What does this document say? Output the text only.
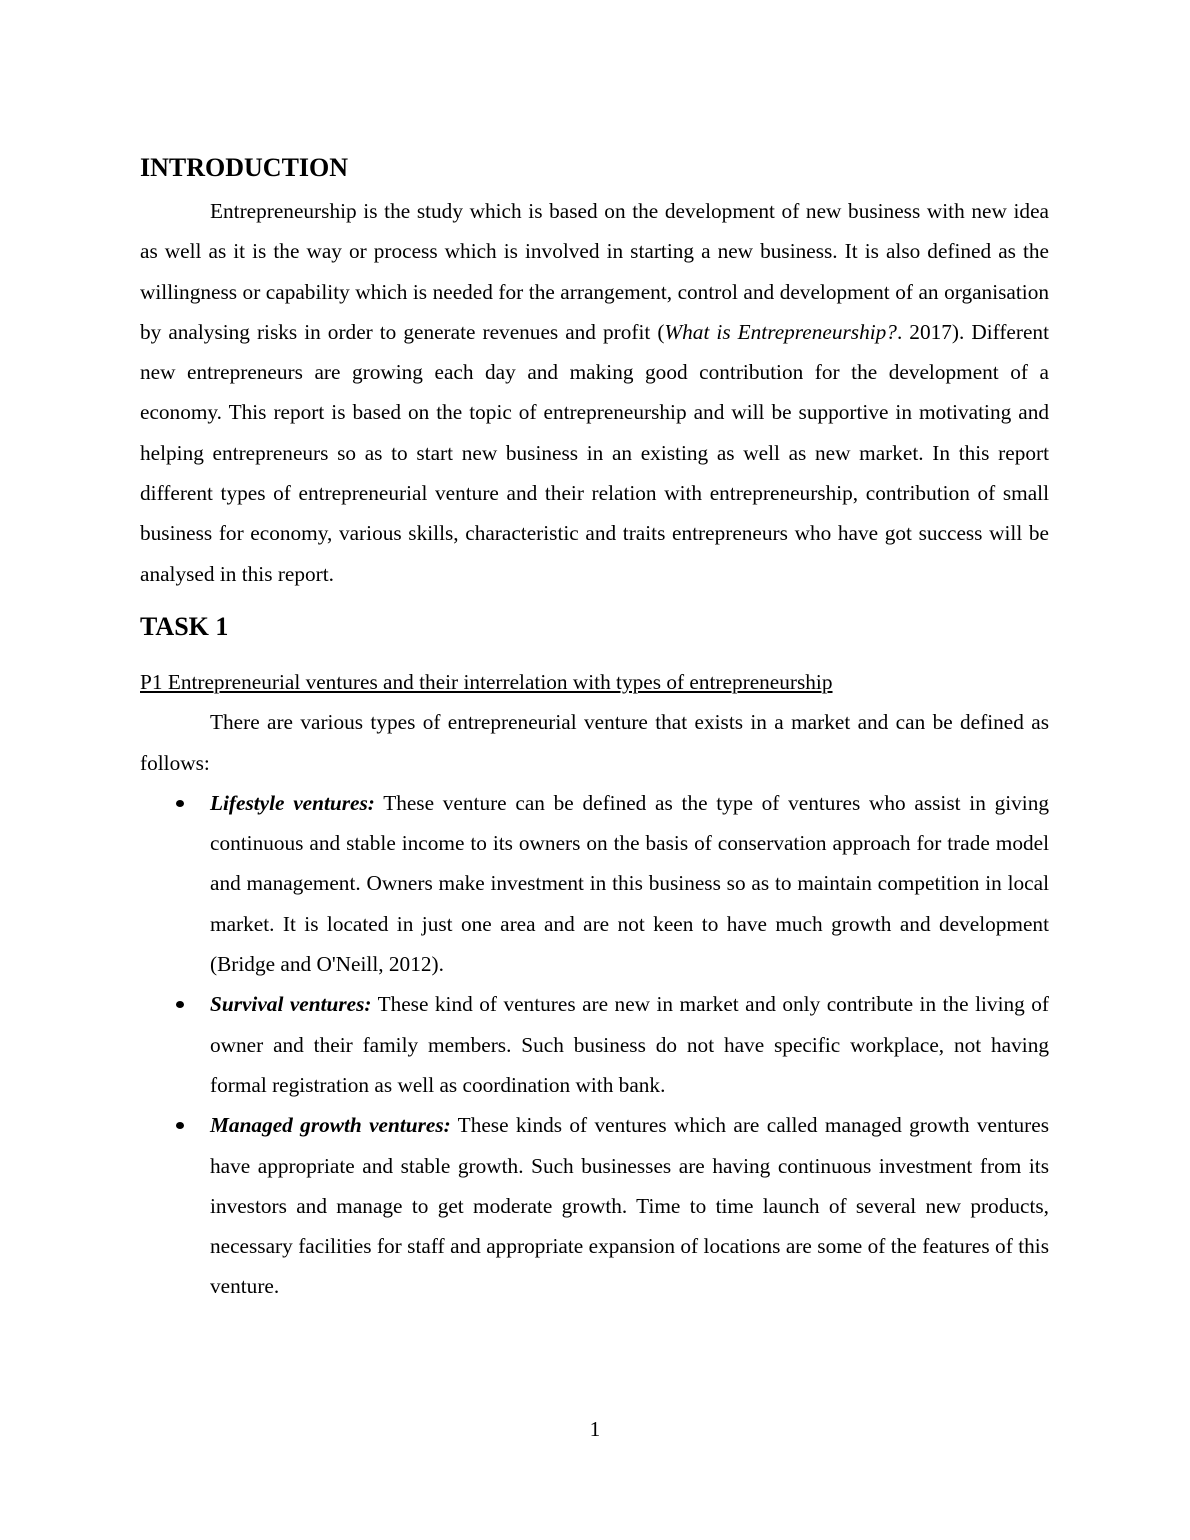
INTRODUCTION

Entrepreneurship is the study which is based on the development of new business with new idea as well as it is the way or process which is involved in starting a new business. It is also defined as the willingness or capability which is needed for the arrangement, control and development of an organisation by analysing risks in order to generate revenues and profit (What is Entrepreneurship?. 2017). Different new entrepreneurs are growing each day and making good contribution for the development of a economy. This report is based on the topic of entrepreneurship and will be supportive in motivating and helping entrepreneurs so as to start new business in an existing as well as new market. In this report different types of entrepreneurial venture and their relation with entrepreneurship, contribution of small business for economy, various skills, characteristic and traits entrepreneurs who have got success will be analysed in this report.

TASK 1

P1 Entrepreneurial ventures and their interrelation with types of entrepreneurship

There are various types of entrepreneurial venture that exists in a market and can be defined as follows:

Lifestyle ventures: These venture can be defined as the type of ventures who assist in giving continuous and stable income to its owners on the basis of conservation approach for trade model and management. Owners make investment in this business so as to maintain competition in local market. It is located in just one area and are not keen to have much growth and development (Bridge and O'Neill, 2012).
Survival ventures: These kind of ventures are new in market and only contribute in the living of owner and their family members. Such business do not have specific workplace, not having formal registration as well as coordination with bank.
Managed growth ventures: These kinds of ventures which are called managed growth ventures have appropriate and stable growth. Such businesses are having continuous investment from its investors and manage to get moderate growth. Time to time launch of several new products, necessary facilities for staff and appropriate expansion of locations are some of the features of this venture.
1
